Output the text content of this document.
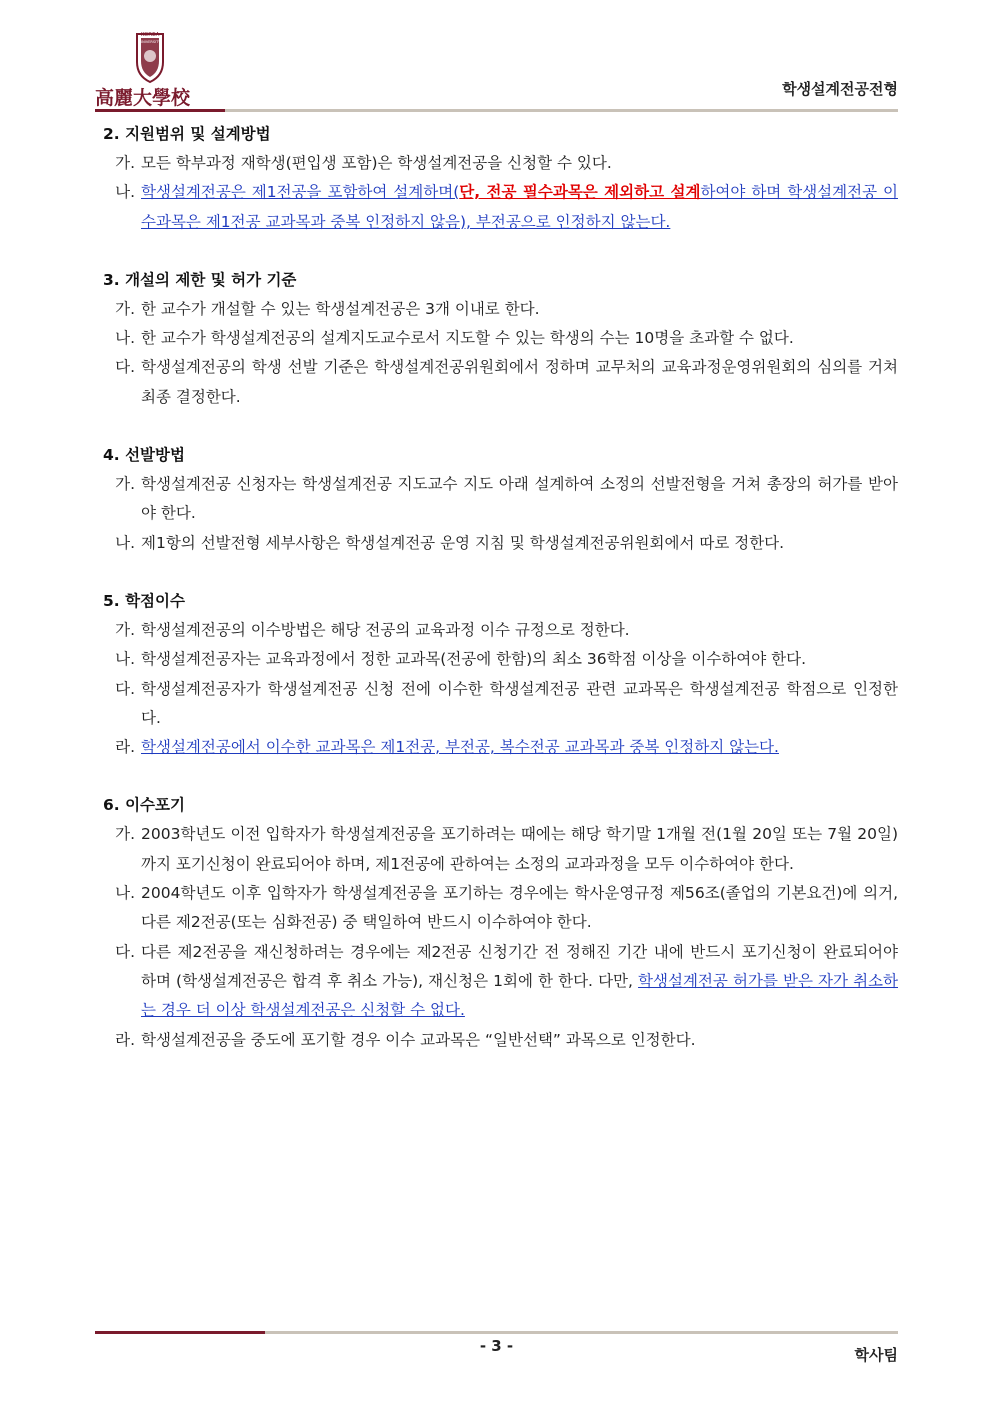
KOREA
UNIVERSITY
高麗大學校	학생설계전공전형
2. 지원범위 및 설계방법
가. 모든 학부과정 재학생(편입생 포함)은 학생설계전공을 신청할 수 있다.
나. 학생설계전공은 제1전공을 포함하여 설계하며(단, 전공 필수과목은 제외하고 설계하여야 하며 학생설계전공 이수과목은 제1전공 교과목과 중복 인정하지 않음), 부전공으로 인정하지 않는다.
3. 개설의 제한 및 허가 기준
가. 한 교수가 개설할 수 있는 학생설계전공은 3개 이내로 한다.
나. 한 교수가 학생설계전공의 설계지도교수로서 지도할 수 있는 학생의 수는 10명을 초과할 수 없다.
다. 학생설계전공의 학생 선발 기준은 학생설계전공위원회에서 정하며 교무처의 교육과정운영위원회의 심의를 거쳐 최종 결정한다.
4. 선발방법
가. 학생설계전공 신청자는 학생설계전공 지도교수 지도 아래 설계하여 소정의 선발전형을 거쳐 총장의 허가를 받아야 한다.
나. 제1항의 선발전형 세부사항은 학생설계전공 운영 지침 및 학생설계전공위원회에서 따로 정한다.
5. 학점이수
가. 학생설계전공의 이수방법은 해당 전공의 교육과정 이수 규정으로 정한다.
나. 학생설계전공자는 교육과정에서 정한 교과목(전공에 한함)의 최소 36학점 이상을 이수하여야 한다.
다. 학생설계전공자가 학생설계전공 신청 전에 이수한 학생설계전공 관련 교과목은 학생설계전공 학점으로 인정한다.
라. 학생설계전공에서 이수한 교과목은 제1전공, 부전공, 복수전공 교과목과 중복 인정하지 않는다.
6. 이수포기
가. 2003학년도 이전 입학자가 학생설계전공을 포기하려는 때에는 해당 학기말 1개월 전(1월 20일 또는 7월 20일)까지 포기신청이 완료되어야 하며, 제1전공에 관하여는 소정의 교과과정을 모두 이수하여야 한다.
나. 2004학년도 이후 입학자가 학생설계전공을 포기하는 경우에는 학사운영규정 제56조(졸업의 기본요건)에 의거, 다른 제2전공(또는 심화전공) 중 택일하여 반드시 이수하여야 한다.
다. 다른 제2전공을 재신청하려는 경우에는 제2전공 신청기간 전 정해진 기간 내에 반드시 포기신청이 완료되어야 하며 (학생설계전공은 합격 후 취소 가능), 재신청은 1회에 한 한다. 다만, 학생설계전공 허가를 받은 자가 취소하는 경우 더 이상 학생설계전공은 신청할 수 없다.
라. 학생설계전공을 중도에 포기할 경우 이수 교과목은 “일반선택” 과목으로 인정한다.
- 3 -	학사팀
